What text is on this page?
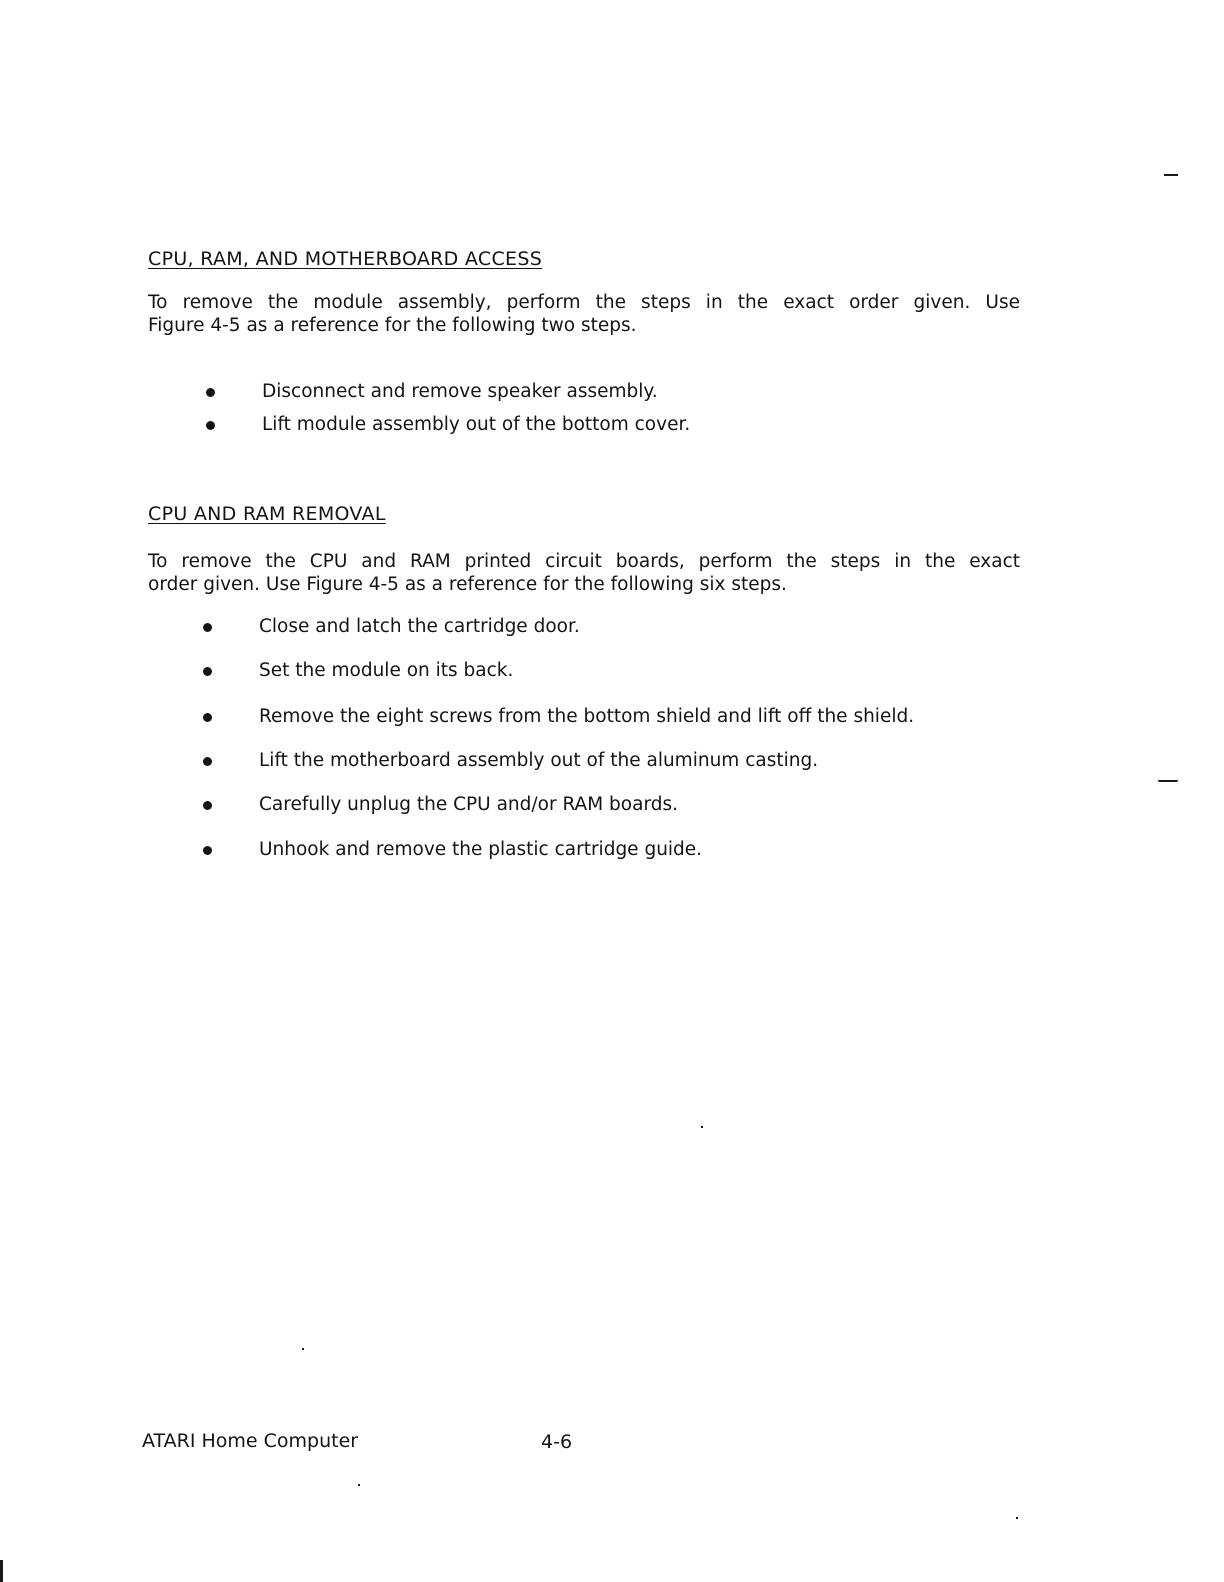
CPU, RAM, AND MOTHERBOARD ACCESS
To remove the module assembly, perform the steps in the exact order given. Use
Figure 4-5 as a reference for the following two steps.
Disconnect and remove speaker assembly.
Lift module assembly out of the bottom cover.
CPU AND RAM REMOVAL
To remove the CPU and RAM printed circuit boards, perform the steps in the exact
order given. Use Figure 4-5 as a reference for the following six steps.
Close and latch the cartridge door.
Set the module on its back.
Remove the eight screws from the bottom shield and lift off the shield.
Lift the motherboard assembly out of the aluminum casting.
Carefully unplug the CPU and/or RAM boards.
Unhook and remove the plastic cartridge guide.
ATARI Home Computer	4-6
